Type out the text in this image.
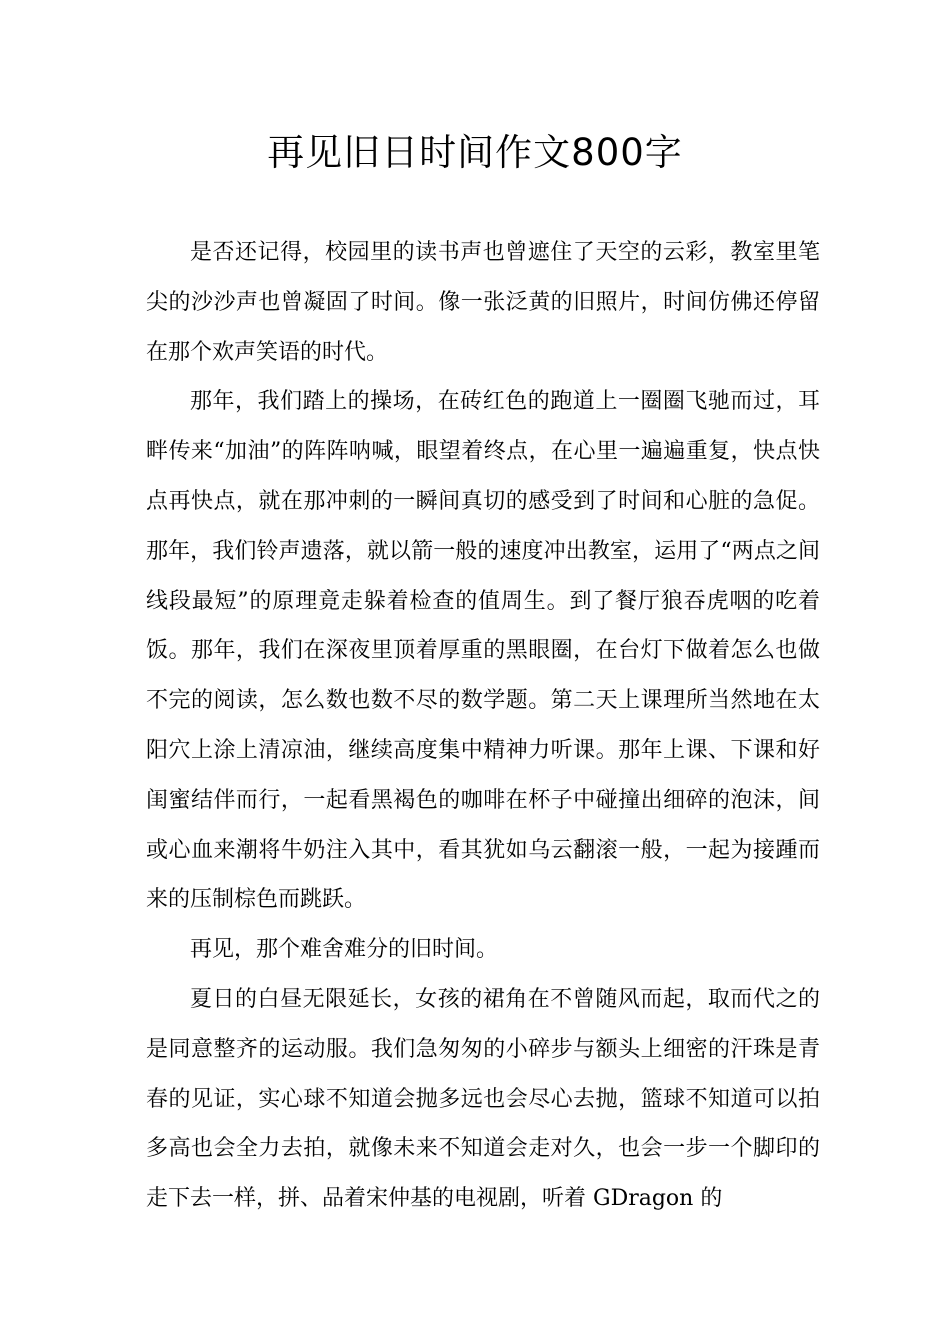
再见旧日时间作文800字

是否还记得，校园里的读书声也曾遮住了天空的云彩，教室里笔尖的沙沙声也曾凝固了时间。像一张泛黄的旧照片，时间仿佛还停留在那个欢声笑语的时代。

那年，我们踏上的操场，在砖红色的跑道上一圈圈飞驰而过，耳畔传来“加油”的阵阵呐喊，眼望着终点，在心里一遍遍重复，快点快点再快点，就在那冲刺的一瞬间真切的感受到了时间和心脏的急促。那年，我们铃声遗落，就以箭一般的速度冲出教室，运用了“两点之间线段最短”的原理竟走躲着检查的值周生。到了餐厅狼吞虎咽的吃着饭。那年，我们在深夜里顶着厚重的黑眼圈，在台灯下做着怎么也做不完的阅读，怎么数也数不尽的数学题。第二天上课理所当然地在太阳穴上涂上清凉油，继续高度集中精神力听课。那年上课、下课和好闺蜜结伴而行，一起看黑褐色的咖啡在杯子中碰撞出细碎的泡沫，间或心血来潮将牛奶注入其中，看其犹如乌云翻滚一般，一起为接踵而来的压制棕色而跳跃。

再见，那个难舍难分的旧时间。

夏日的白昼无限延长，女孩的裙角在不曾随风而起，取而代之的是同意整齐的运动服。我们急匆匆的小碎步与额头上细密的汗珠是青春的见证，实心球不知道会抛多远也会尽心去抛，篮球不知道可以拍多高也会全力去拍，就像未来不知道会走对久，也会一步一个脚印的走下去一样，拼、品着宋仲基的电视剧，听着 GDragon 的
